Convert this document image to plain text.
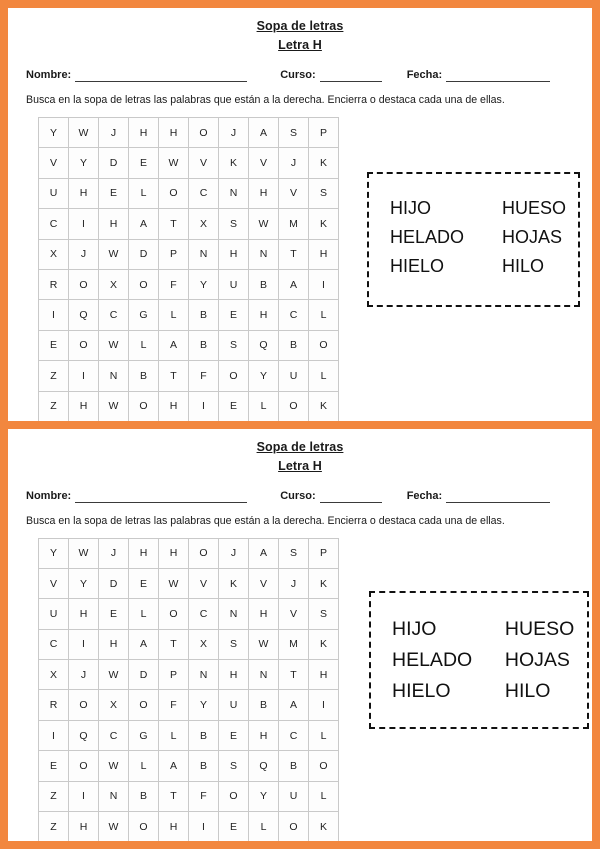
Sopa de letras
Letra H
Nombre:	Curso:	Fecha:
Busca en la sopa de letras las palabras que están a la derecha. Encierra o destaca cada una de ellas.
Y	W	J	H	H	O	J	A	S	P
V	Y	D	E	W	V	K	V	J	K
U	H	E	L	O	C	N	H	V	S
C	I	H	A	T	X	S	W	M	K
X	J	W	D	P	N	H	N	T	H
R	O	X	O	F	Y	U	B	A	I
I	Q	C	G	L	B	E	H	C	L
E	O	W	L	A	B	S	Q	B	O
Z	I	N	B	T	F	O	Y	U	L
Z	H	W	O	H	I	E	L	O	K
HIJO	HUESO
HELADO	HOJAS
HIELO	HILO
Sopa de letras
Letra H
Nombre:	Curso:	Fecha:
Busca en la sopa de letras las palabras que están a la derecha. Encierra o destaca cada una de ellas.
Y	W	J	H	H	O	J	A	S	P
V	Y	D	E	W	V	K	V	J	K
U	H	E	L	O	C	N	H	V	S
C	I	H	A	T	X	S	W	M	K
X	J	W	D	P	N	H	N	T	H
R	O	X	O	F	Y	U	B	A	I
I	Q	C	G	L	B	E	H	C	L
E	O	W	L	A	B	S	Q	B	O
Z	I	N	B	T	F	O	Y	U	L
Z	H	W	O	H	I	E	L	O	K
HIJO	HUESO
HELADO	HOJAS
HIELO	HILO
